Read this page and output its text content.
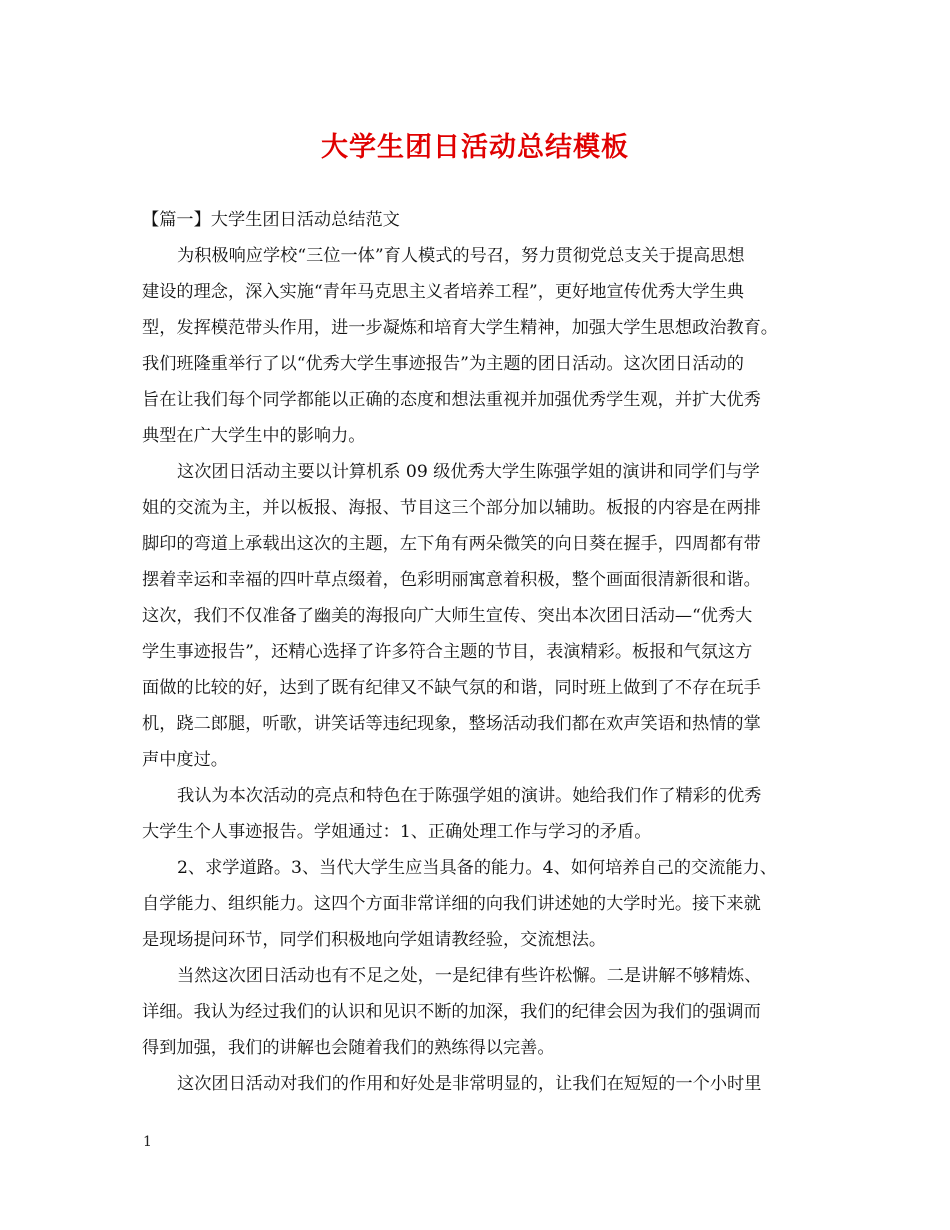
大学生团日活动总结模板
【篇一】大学生团日活动总结范文
为积极响应学校“三位一体”育人模式的号召，努力贯彻党总支关于提高思想
建设的理念，深入实施“青年马克思主义者培养工程”，更好地宣传优秀大学生典
型，发挥模范带头作用，进一步凝炼和培育大学生精神，加强大学生思想政治教育。
我们班隆重举行了以“优秀大学生事迹报告”为主题的团日活动。这次团日活动的
旨在让我们每个同学都能以正确的态度和想法重视并加强优秀学生观，并扩大优秀
典型在广大学生中的影响力。
这次团日活动主要以计算机系 09 级优秀大学生陈强学姐的演讲和同学们与学
姐的交流为主，并以板报、海报、节目这三个部分加以辅助。板报的内容是在两排
脚印的弯道上承载出这次的主题，左下角有两朵微笑的向日葵在握手，四周都有带
摆着幸运和幸福的四叶草点缀着，色彩明丽寓意着积极，整个画面很清新很和谐。
这次，我们不仅准备了幽美的海报向广大师生宣传、突出本次团日活动—“优秀大
学生事迹报告”，还精心选择了许多符合主题的节目，表演精彩。板报和气氛这方
面做的比较的好，达到了既有纪律又不缺气氛的和谐，同时班上做到了不存在玩手
机，跷二郎腿，听歌，讲笑话等违纪现象，整场活动我们都在欢声笑语和热情的掌
声中度过。
我认为本次活动的亮点和特色在于陈强学姐的演讲。她给我们作了精彩的优秀
大学生个人事迹报告。学姐通过：1、正确处理工作与学习的矛盾。
2、求学道路。3、当代大学生应当具备的能力。4、如何培养自己的交流能力、
自学能力、组织能力。这四个方面非常详细的向我们讲述她的大学时光。接下来就
是现场提问环节，同学们积极地向学姐请教经验，交流想法。
当然这次团日活动也有不足之处，一是纪律有些许松懈。二是讲解不够精炼、
详细。我认为经过我们的认识和见识不断的加深，我们的纪律会因为我们的强调而
得到加强，我们的讲解也会随着我们的熟练得以完善。
这次团日活动对我们的作用和好处是非常明显的，让我们在短短的一个小时里
1
